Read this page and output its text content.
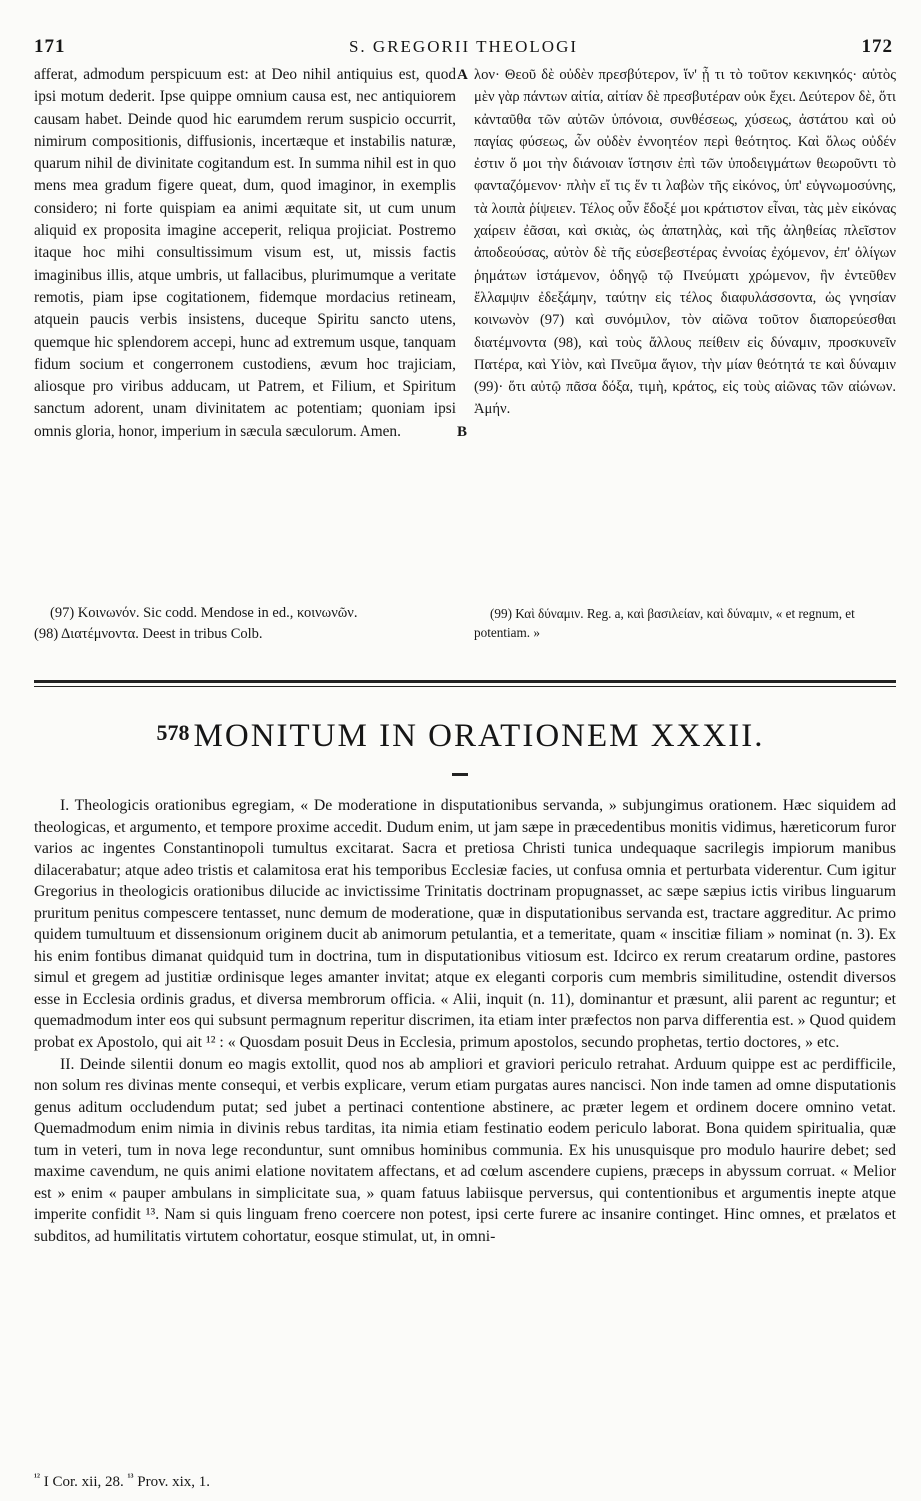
171	S. GREGORII THEOLOGI	172

afferat, admodum perspicuum est: at Deo nihil antiquius est, quod ipsi motum dederit. Ipse quippe omnium causa est, nec antiquiorem causam habet. Deinde quod hic earumdem rerum suspicio occurrit, nimirum compositionis, diffusionis, incertæque et instabilis naturæ, quarum nihil de divinitate cogitandum est. In summa nihil est in quo mens mea gradum figere queat, dum, quod imaginor, in exemplis considero; ni forte quispiam ea animi æquitate sit, ut cum unum aliquid ex proposita imagine acceperit, reliqua projiciat. Postremo itaque hoc mihi consultissimum visum est, ut, missis factis imaginibus illis, atque umbris, ut fallacibus, plurimumque a veritate remotis, piam ipse cogitationem, fidemque mordacius retineam, atquein paucis verbis insistens, duceque Spiritu sancto utens, quemque hic splendorem accepi, hunc ad extremum usque, tanquam fidum socium et congerronem custodiens, ævum hoc trajiciam, aliosque pro viribus adducam, ut Patrem, et Filium, et Spiritum sanctum adorent, unam divinitatem ac potentiam; quoniam ipsi omnis gloria, honor, imperium in sæcula sæculorum. Amen.

A
B

λον· Θεοῦ δὲ οὐδὲν πρεσβύτερον, ἵν' ᾖ τι τὸ τοῦτον κεκινηκός· αὐτὸς μὲν γὰρ πάντων αἰτία, αἰτίαν δὲ πρεσβυτέραν οὐκ ἔχει. Δεύτερον δὲ, ὅτι κἀνταῦθα τῶν αὐτῶν ὑπόνοια, συνθέσεως, χύσεως, ἀστάτου καὶ οὐ παγίας φύσεως, ὧν οὐδὲν ἐννοητέον περὶ θεότητος. Καὶ ὅλως οὐδέν ἐστιν ὅ μοι τὴν διάνοιαν ἵστησιν ἐπὶ τῶν ὑποδειγμάτων θεωροῦντι τὸ φανταζόμενον· πλὴν εἴ τις ἕν τι λαβὼν τῆς εἰκόνος, ὑπ' εὐγνωμοσύνης, τὰ λοιπὰ ῥίψειεν. Τέλος οὖν ἔδοξέ μοι κράτιστον εἶναι, τὰς μὲν εἰκόνας χαίρειν ἐᾶσαι, καὶ σκιὰς, ὡς ἀπατηλὰς, καὶ τῆς ἀληθείας πλεῖστον ἀποδεούσας, αὐτὸν δὲ τῆς εὐσεβεστέρας ἐννοίας ἐχόμενον, ἐπ' ὀλίγων ῥημάτων ἱστάμενον, ὁδηγῷ τῷ Πνεύματι χρώμενον, ἣν ἐντεῦθεν ἔλλαμψιν ἐδεξάμην, ταύτην εἰς τέλος διαφυλάσσοντα, ὡς γνησίαν κοινωνὸν (97) καὶ συνόμιλον, τὸν αἰῶνα τοῦτον διαπορεύεσθαι διατέμνοντα (98), καὶ τοὺς ἄλλους πείθειν εἰς δύναμιν, προσκυνεῖν Πατέρα, καὶ Υἱὸν, καὶ Πνεῦμα ἅγιον, τὴν μίαν θεότητά τε καὶ δύναμιν (99)· ὅτι αὐτῷ πᾶσα δόξα, τιμὴ, κράτος, εἰς τοὺς αἰῶνας τῶν αἰώνων. Ἀμήν.

(97) Κοινωνόν. Sic codd. Mendose in ed., κοινωνῶν.

(98) Διατέμνοντα. Deest in tribus Colb.

(99) Καὶ δύναμιν. Reg. a, καὶ βασιλείαν, καὶ δύναμιν, « et regnum, et potentiam. »

578 MONITUM IN ORATIONEM XXXII.

I. Theologicis orationibus egregiam, « De moderatione in disputationibus servanda, » subjungimus orationem. Hæc siquidem ad theologicas, et argumento, et tempore proxime accedit. Dudum enim, ut jam sæpe in præcedentibus monitis vidimus, hæreticorum furor varios ac ingentes Constantinopoli tumultus excitarat. Sacra et pretiosa Christi tunica undequaque sacrilegis impiorum manibus dilacerabatur; atque adeo tristis et calamitosa erat his temporibus Ecclesiæ facies, ut confusa omnia et perturbata viderentur. Cum igitur Gregorius in theologicis orationibus dilucide ac invictissime Trinitatis doctrinam propugnasset, ac sæpe sæpius ictis viribus linguarum pruritum penitus compescere tentasset, nunc demum de moderatione, quæ in disputationibus servanda est, tractare aggreditur. Ac primo quidem tumultuum et dissensionum originem ducit ab animorum petulantia, et a temeritate, quam « inscitiæ filiam » nominat (n. 3). Ex his enim fontibus dimanat quidquid tum in doctrina, tum in disputationibus vitiosum est. Idcirco ex rerum creatarum ordine, pastores simul et gregem ad justitiæ ordinisque leges amanter invitat; atque ex eleganti corporis cum membris similitudine, ostendit diversos esse in Ecclesia ordinis gradus, et diversa membrorum officia. « Alii, inquit (n. 11), dominantur et præsunt, alii parent ac reguntur; et quemadmodum inter eos qui subsunt permagnum reperitur discrimen, ita etiam inter præfectos non parva differentia est. » Quod quidem probat ex Apostolo, qui ait ¹² : « Quosdam posuit Deus in Ecclesia, primum apostolos, secundo prophetas, tertio doctores, » etc.

II. Deinde silentii donum eo magis extollit, quod nos ab ampliori et graviori periculo retrahat. Arduum quippe est ac perdifficile, non solum res divinas mente consequi, et verbis explicare, verum etiam purgatas aures nancisci. Non inde tamen ad omne disputationis genus aditum occludendum putat; sed jubet a pertinaci contentione abstinere, ac præter legem et ordinem docere omnino vetat. Quemadmodum enim nimia in divinis rebus tarditas, ita nimia etiam festinatio eodem periculo laborat. Bona quidem spiritualia, quæ tum in veteri, tum in nova lege reconduntur, sunt omnibus hominibus communia. Ex his unusquisque pro modulo haurire debet; sed maxime cavendum, ne quis animi elatione novitatem affectans, et ad cœlum ascendere cupiens, præceps in abyssum corruat. « Melior est » enim « pauper ambulans in simplicitate sua, » quam fatuus labiisque perversus, qui contentionibus et argumentis inepte atque imperite confidit ¹³. Nam si quis linguam freno coercere non potest, ipsi certe furere ac insanire continget. Hinc omnes, et prælatos et subditos, ad humilitatis virtutem cohortatur, eosque stimulat, ut, in omni-

$^{^{12}}$ I Cor. xii, 28. $^{^{13}}$ Prov. xix, 1.
